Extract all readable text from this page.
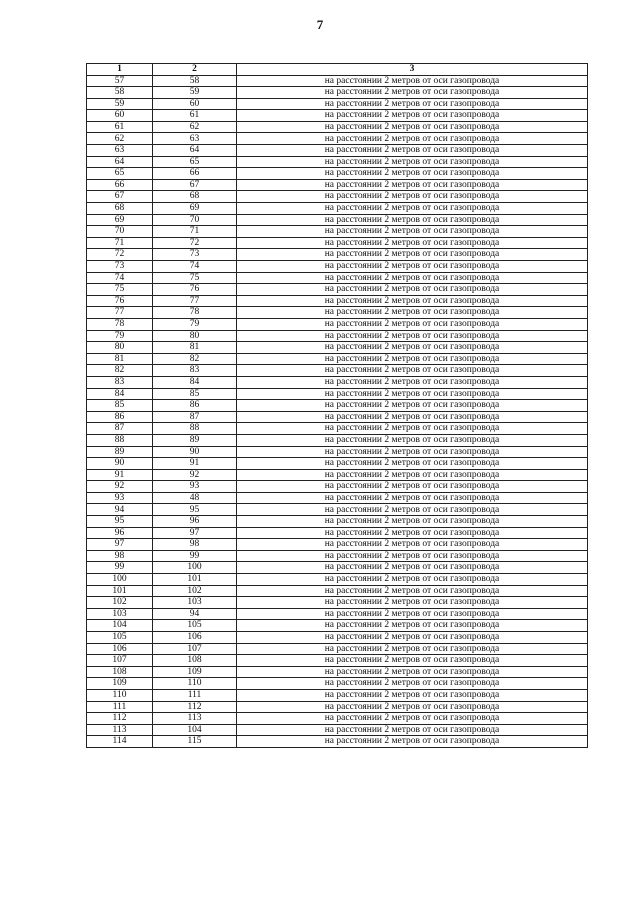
7
1	2	3
57	58	на расстоянии 2 метров от оси газопровода
58	59	на расстоянии 2 метров от оси газопровода
59	60	на расстоянии 2 метров от оси газопровода
60	61	на расстоянии 2 метров от оси газопровода
61	62	на расстоянии 2 метров от оси газопровода
62	63	на расстоянии 2 метров от оси газопровода
63	64	на расстоянии 2 метров от оси газопровода
64	65	на расстоянии 2 метров от оси газопровода
65	66	на расстоянии 2 метров от оси газопровода
66	67	на расстоянии 2 метров от оси газопровода
67	68	на расстоянии 2 метров от оси газопровода
68	69	на расстоянии 2 метров от оси газопровода
69	70	на расстоянии 2 метров от оси газопровода
70	71	на расстоянии 2 метров от оси газопровода
71	72	на расстоянии 2 метров от оси газопровода
72	73	на расстоянии 2 метров от оси газопровода
73	74	на расстоянии 2 метров от оси газопровода
74	75	на расстоянии 2 метров от оси газопровода
75	76	на расстоянии 2 метров от оси газопровода
76	77	на расстоянии 2 метров от оси газопровода
77	78	на расстоянии 2 метров от оси газопровода
78	79	на расстоянии 2 метров от оси газопровода
79	80	на расстоянии 2 метров от оси газопровода
80	81	на расстоянии 2 метров от оси газопровода
81	82	на расстоянии 2 метров от оси газопровода
82	83	на расстоянии 2 метров от оси газопровода
83	84	на расстоянии 2 метров от оси газопровода
84	85	на расстоянии 2 метров от оси газопровода
85	86	на расстоянии 2 метров от оси газопровода
86	87	на расстоянии 2 метров от оси газопровода
87	88	на расстоянии 2 метров от оси газопровода
88	89	на расстоянии 2 метров от оси газопровода
89	90	на расстоянии 2 метров от оси газопровода
90	91	на расстоянии 2 метров от оси газопровода
91	92	на расстоянии 2 метров от оси газопровода
92	93	на расстоянии 2 метров от оси газопровода
93	48	на расстоянии 2 метров от оси газопровода
94	95	на расстоянии 2 метров от оси газопровода
95	96	на расстоянии 2 метров от оси газопровода
96	97	на расстоянии 2 метров от оси газопровода
97	98	на расстоянии 2 метров от оси газопровода
98	99	на расстоянии 2 метров от оси газопровода
99	100	на расстоянии 2 метров от оси газопровода
100	101	на расстоянии 2 метров от оси газопровода
101	102	на расстоянии 2 метров от оси газопровода
102	103	на расстоянии 2 метров от оси газопровода
103	94	на расстоянии 2 метров от оси газопровода
104	105	на расстоянии 2 метров от оси газопровода
105	106	на расстоянии 2 метров от оси газопровода
106	107	на расстоянии 2 метров от оси газопровода
107	108	на расстоянии 2 метров от оси газопровода
108	109	на расстоянии 2 метров от оси газопровода
109	110	на расстоянии 2 метров от оси газопровода
110	111	на расстоянии 2 метров от оси газопровода
111	112	на расстоянии 2 метров от оси газопровода
112	113	на расстоянии 2 метров от оси газопровода
113	104	на расстоянии 2 метров от оси газопровода
114	115	на расстоянии 2 метров от оси газопровода
